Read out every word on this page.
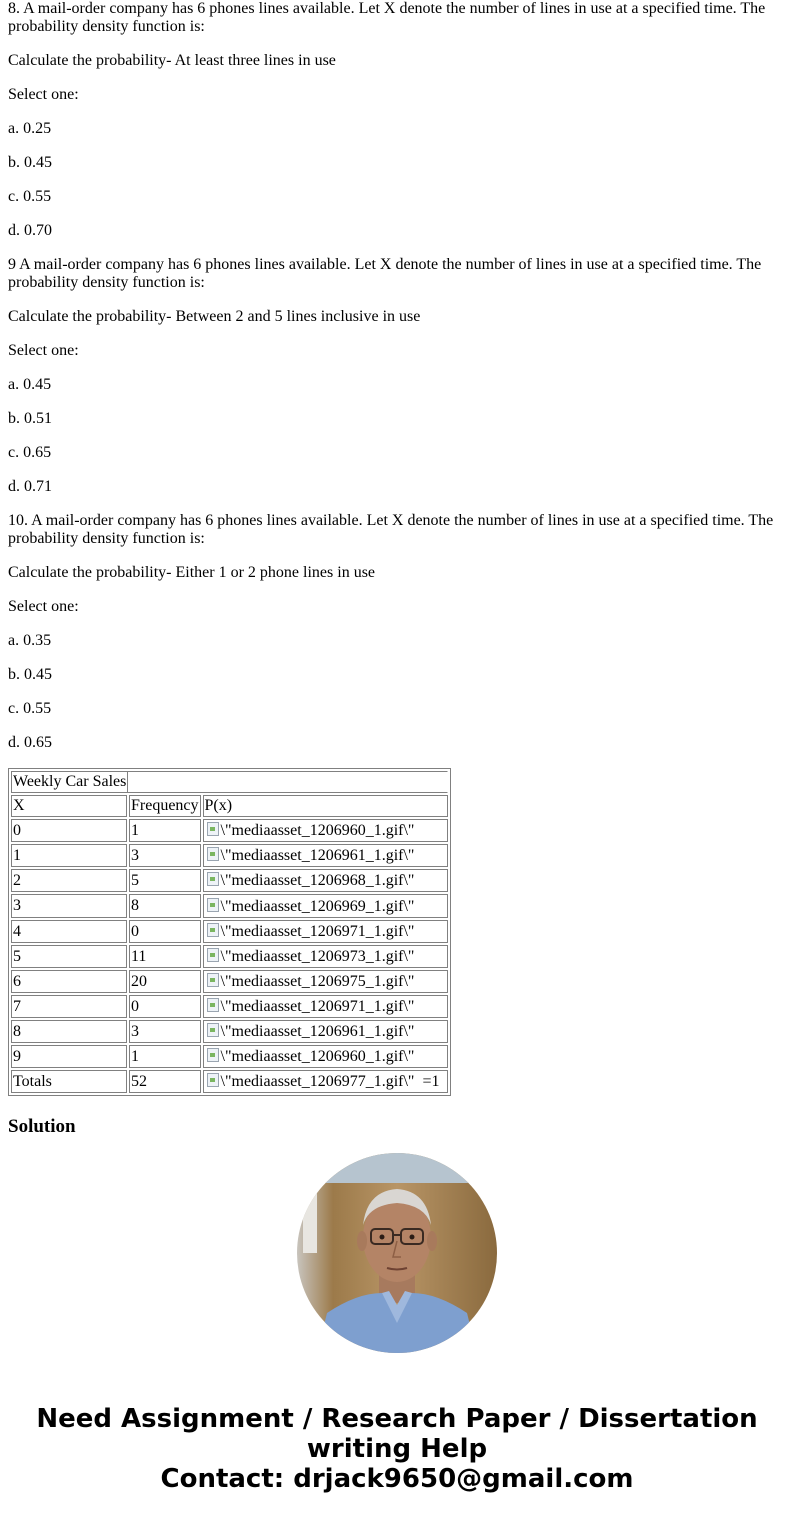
8. A mail-order company has 6 phones lines available. Let X denote the number of lines in use at a specified time. The probability density function is:

Calculate the probability- At least three lines in use

Select one:

a. 0.25

b. 0.45

c. 0.55

d. 0.70

9 A mail-order company has 6 phones lines available. Let X denote the number of lines in use at a specified time. The probability density function is:

Calculate the probability- Between 2 and 5 lines inclusive in use

Select one:

a. 0.45

b. 0.51

c. 0.65

d. 0.71

10. A mail-order company has 6 phones lines available. Let X denote the number of lines in use at a specified time. The probability density function is:

Calculate the probability- Either 1 or 2 phone lines in use

Select one:

a. 0.35

b. 0.45

c. 0.55

d. 0.65

Weekly Car Sales		
X	Frequency	P(x)
0	1	\"mediaasset_1206960_1.gif\"
1	3	\"mediaasset_1206961_1.gif\"
2	5	\"mediaasset_1206968_1.gif\"
3	8	\"mediaasset_1206969_1.gif\"
4	0	\"mediaasset_1206971_1.gif\"
5	11	\"mediaasset_1206973_1.gif\"
6	20	\"mediaasset_1206975_1.gif\"
7	0	\"mediaasset_1206971_1.gif\"
8	3	\"mediaasset_1206961_1.gif\"
9	1	\"mediaasset_1206960_1.gif\"
Totals	52	\"mediaasset_1206977_1.gif\" =1
Solution
Need Assignment / Research Paper / Dissertation
writing Help
Contact: drjack9650@gmail.com
